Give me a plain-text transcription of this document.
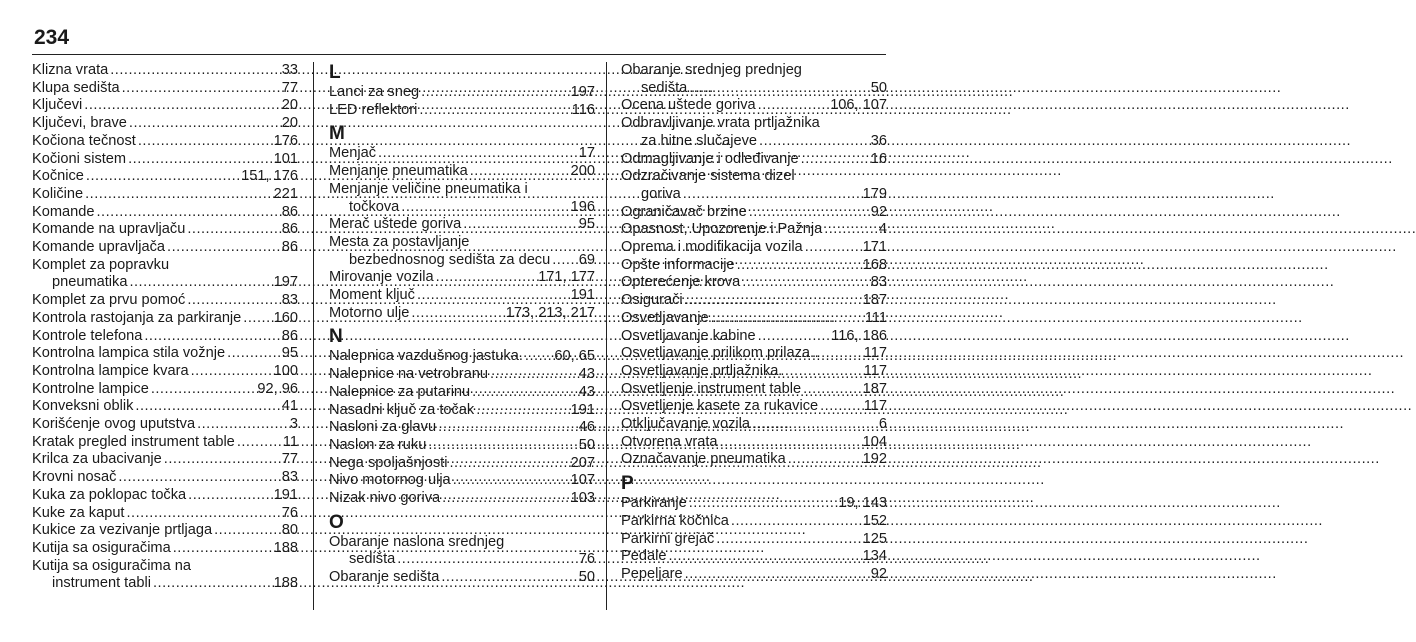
234
Klizna vrata .....	33
Klupa sedišta .....	77
Ključevi .....	20
Ključevi, brave .....	20
Kočiona tečnost .....	176
Kočioni sistem .....	101
Kočnice .....	151, 176
Količine .....	221
Komande .....	86
Komande na upravljaču .....	86
Komande upravljača .....	86
Komplet za popravku
pneumatika .....	197
Komplet za prvu pomoć .....	83
Kontrola rastojanja za parkiranje ..... 160
Kontrole telefona .....	86
Kontrolna lampica stila vožnje .....	95
Kontrolna lampice kvara .....	100
Kontrolne lampice .....	92, 96
Konveksni oblik .....	41
Korišćenje ovog uputstva .....	3
Kratak pregled instrument table .....	11
Krilca za ubacivanje .....	77
Krovni nosač .....	83
Kuka za poklopac točka .....	191
Kuke za kaput .....	76
Kukice za vezivanje prtljaga .....	80
Kutija sa osiguračima .....	188
Kutija sa osiguračima na
instrument tabli .....	188
L
Lanci za sneg .....	197
LED reflektori .....	116
M
Menjač .....	17
Menjanje pneumatika .....	200
Menjanje veličine pneumatika i
točkova .....	196
Merač uštede goriva .....	95
Mesta za postavljanje
bezbednosnog sedišta za decu ..... 69
Mirovanje vozila .....	171, 177
Moment ključ .....	191
Motorno ulje .....	173, 213, 217
N
Nalepnica vazdušnog jastuka. ..... 60, 65
Nalepnice na vetrobranu .....	43
Nalepnice za putarinu .....	43
Nasadni ključ za točak .....	191
Nasloni za glavu .....	46
Naslon za ruku .....	50
Nega spoljašnjosti .....	207
Nivo motornog ulja .....	107
Nizak nivo goriva .....	103
O
Obaranje naslona srednjeg
sedišta .....	76
Obaranje sedišta .....	50
Obaranje srednjeg prednjeg
sedišta .....	50
Ocena uštede goriva .....	106, 107
Odbravljivanje vrata prtljažnika
za hitne slučajeve .....	36
Odmagljivanje i odleđivanje .....	16
Odzračivanje sistema dizel
goriva .....	179
Ograničavač brzine .....	92
Opasnost, Upozorenje i Pažnja .....	4
Oprema i modifikacija vozila .....	171
Opšte informacije .....	168
Opterećenje krova .....	83
Osigurači .....	187
Osvetljavanje .....	111
Osvetljavanje kabine .....	116, 186
Osvetljavanje prilikom prilaza .....	117
Osvetljavanje prtljažnika .....	117
Osvetljenje instrument table .....	187
Osvetljenje kasete za rukavice .....	117
Otključavanje vozila .....	6
Otvorena vrata .....	104
Označavanje pneumatika .....	192
P
Parkiranje .....	19, 143
Parkirna kočnica .....	152
Parkirni grejač .....	125
Pedale .....	134
Pepeljare .....	92
